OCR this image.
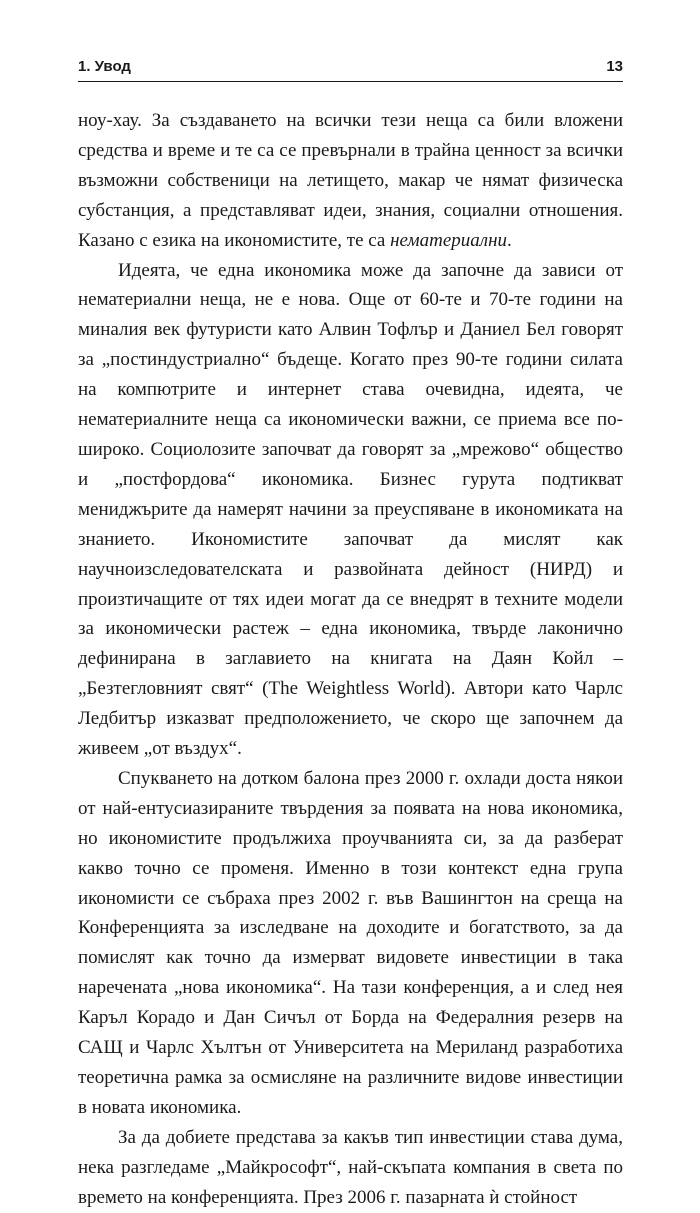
1. Увод	13

ноу-хау. За създаването на всички тези неща са били вложени средства и време и те са се превърнали в трайна ценност за всички възможни собственици на летището, макар че нямат физическа субстанция, а представляват идеи, знания, социални отношения. Казано с езика на икономистите, те са нематериални.

Идеята, че една икономика може да започне да зависи от нематериални неща, не е нова. Още от 60-те и 70-те години на миналия век футуристи като Алвин Тофлър и Даниел Бел говорят за „постиндустриално“ бъдеще. Когато през 90-те години силата на компютрите и интернет става очевидна, идеята, че нематериалните неща са икономически важни, се приема все по-широко. Социолозите започват да говорят за „мрежово“ общество и „постфордова“ икономика. Бизнес гурута подтикват мениджърите да намерят начини за преуспяване в икономиката на знанието. Икономистите започват да мислят как научноизследователската и развойната дейност (НИРД) и произтичащите от тях идеи могат да се внедрят в техните модели за икономически растеж – една икономика, твърде лаконично дефинирана в заглавието на книгата на Даян Койл – „Безтегловният свят“ (The Weightless World). Автори като Чарлс Ледбитър изказват предположението, че скоро ще започнем да живеем „от въздух“.

Спукването на дотком балона през 2000 г. охлади доста някои от най-ентусиазираните твърдения за появата на нова икономика, но икономистите продължиха проучванията си, за да разберат какво точно се променя. Именно в този контекст една група икономисти се събраха през 2002 г. във Вашингтон на среща на Конференцията за изследване на доходите и богатството, за да помислят как точно да измерват видовете инвестиции в така наречената „нова икономика“. На тази конференция, а и след нея Каръл Корадо и Дан Сичъл от Борда на Федералния резерв на САЩ и Чарлс Хълтън от Университета на Мериланд разработиха теоретична рамка за осмисляне на различните видове инвестиции в новата икономика.

За да добиете представа за какъв тип инвестиции става дума, нека разгледаме „Майкрософт“, най-скъпата компания в света по времето на конференцията. През 2006 г. пазарната ѝ стойност
